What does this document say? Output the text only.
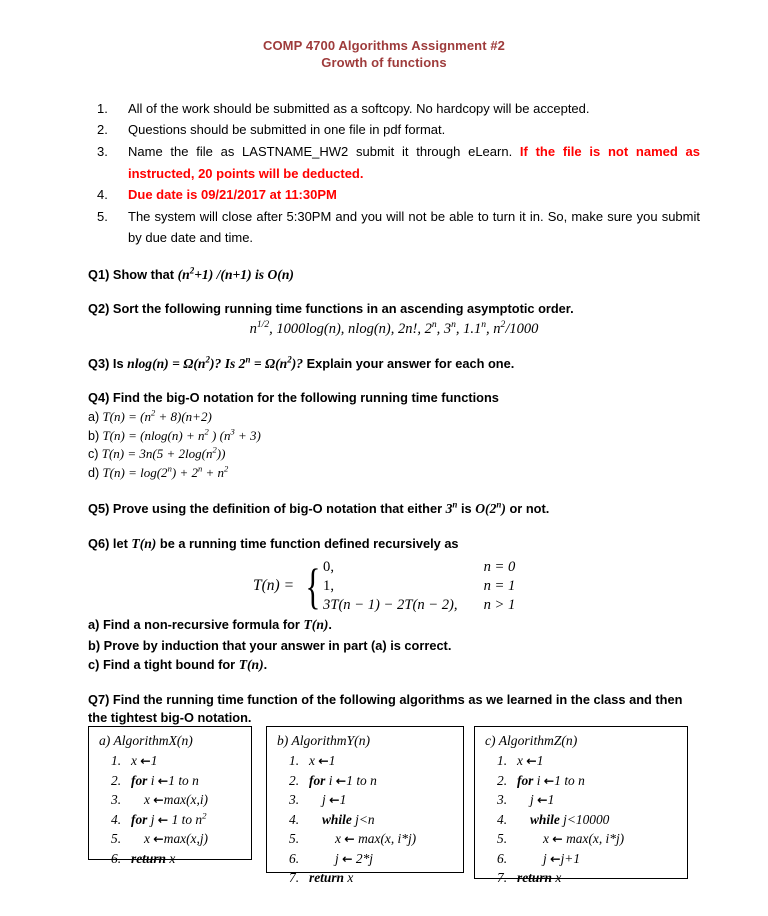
COMP 4700 Algorithms Assignment #2
Growth of functions
1.	All of the work should be submitted as a softcopy. No hardcopy will be accepted.
2.	Questions should be submitted in one file in pdf format.
3.	Name the file as LASTNAME_HW2 submit it through eLearn. If the file is not named as instructed, 20 points will be deducted.
4.	Due date is 09/21/2017 at 11:30PM
5.	The system will close after 5:30PM and you will not be able to turn it in. So, make sure you submit by due date and time.
Q1) Show that $(n^2+1)$ /(n+1) is O(n)
Q2) Sort the following running time functions in an ascending asymptotic order.
$n^{1/2}$, 1000log(n), nlog(n), 2n!, 2$^n$, 3$^n$, 1.1$^n$, $n^2/1000$
Q3) Is $nlog(n) = \Omega(n^2)$? Is $2^n = \Omega(n^2)$? Explain your answer for each one.
Q4) Find the big-O notation for the following running time functions
a) $T(n) = (n^2 + 8)(n+2)$
b) $T(n) = (nlog(n) + n^2$ ) $(n^3 + 3)$
c) $T(n) = 3n(5 + 2\log(n^2))$
d) $T(n) = \log(2^n) + 2^n + n^2$
Q5) Prove using the definition of big-O notation that either 3$^n$ is O(2$^n$) or not.
Q6) let T(n) be a running time function defined recursively as
T(n) = { 0,	n = 0
1,	n = 1
3T(n − 1) − 2T(n − 2),	n > 1
a) Find a non-recursive formula for T(n).
b) Prove by induction that your answer in part (a) is correct.
c) Find a tight bound for T(n).
Q7) Find the running time function of the following algorithms as we learned in the class and then the tightest big-O notation.
a) AlgorithmX(n)
1. x ←1
2. for i ←1 to n
3. x ←max(x,i)
4. for j ← 1 to $n^2$
5. x ←max(x,j)
6. return x
b) AlgorithmY(n)
1. x ←1
2. for i ←1 to n
3. j ←1
4. while j<n
5.	x ← max(x, i*j)
6.	j ← 2*j
7. return x
c) AlgorithmZ(n)
1. x ←1
2. for i ←1 to n
3. j ←1
4. while j<10000
5.	x ← max(x, i*j)
6.	j ←j+1
7. return x
